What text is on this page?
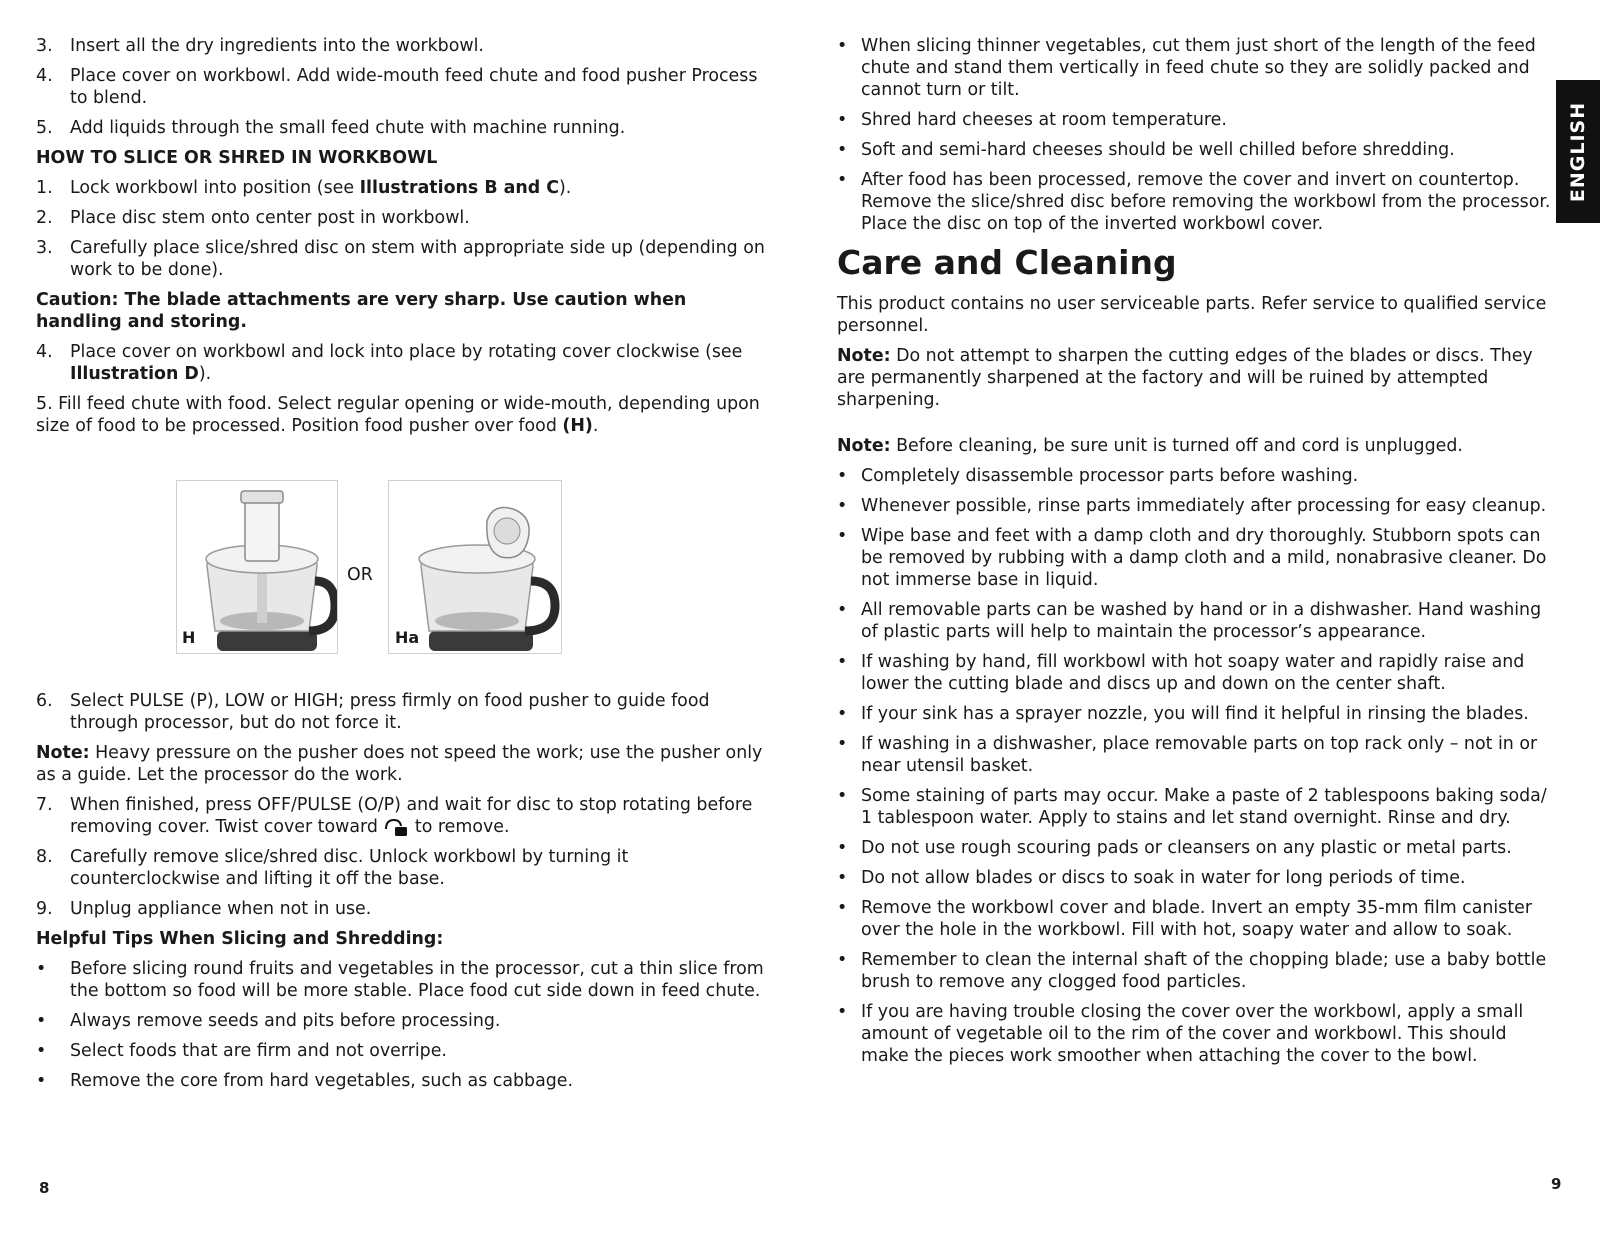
3.	Insert all the dry ingredients into the workbowl.
4.	Place cover on workbowl. Add wide-mouth feed chute and food pusher Process to blend.
5.	Add liquids through the small feed chute with machine running.
HOW TO SLICE OR SHRED IN WORKBOWL
1.	Lock workbowl into position (see Illustrations B and C).
2.	Place disc stem onto center post in workbowl.
3.	Carefully place slice/shred disc on stem with appropriate side up (depending on work to be done).
Caution: The blade attachments are very sharp. Use caution when handling and storing.
4.	Place cover on workbowl and lock into place by rotating cover clockwise (see Illustration D).
5. Fill feed chute with food. Select regular opening or wide-mouth, depending upon size of food to be processed. Position food pusher over food (H).
H
OR
Ha
6.	Select PULSE (P), LOW or HIGH; press firmly on food pusher to guide food through processor, but do not force it.
Note: Heavy pressure on the pusher does not speed the work; use the pusher only as a guide. Let the processor do the work.
7.	When finished, press OFF/PULSE (O/P) and wait for disc to stop rotating before removing cover. Twist cover toward  to remove.
8.	Carefully remove slice/shred disc. Unlock workbowl by turning it counterclockwise and lifting it off the base.
9.	Unplug appliance when not in use.
Helpful Tips When Slicing and Shredding:
•	Before slicing round fruits and vegetables in the processor, cut a thin slice from the bottom so food will be more stable. Place food cut side down in feed chute.
•	Always remove seeds and pits before processing.
•	Select foods that are firm and not overripe.
•	Remove the core from hard vegetables, such as cabbage.
8
• When slicing thinner vegetables, cut them just short of the length of the feed chute and stand them vertically in feed chute so they are solidly packed and cannot turn or tilt.
• Shred hard cheeses at room temperature.
• Soft and semi-hard cheeses should be well chilled before shredding.
• After food has been processed, remove the cover and invert on countertop. Remove the slice/shred disc before removing the workbowl from the processor. Place the disc on top of the inverted workbowl cover.
Care and Cleaning
This product contains no user serviceable parts. Refer service to qualified service personnel.
Note: Do not attempt to sharpen the cutting edges of the blades or discs. They are permanently sharpened at the factory and will be ruined by attempted sharpening.
Note: Before cleaning, be sure unit is turned off and cord is unplugged.
• Completely disassemble processor parts before washing.
• Whenever possible, rinse parts immediately after processing for easy cleanup.
• Wipe base and feet with a damp cloth and dry thoroughly. Stubborn spots can be removed by rubbing with a damp cloth and a mild, nonabrasive cleaner. Do not immerse base in liquid.
• All removable parts can be washed by hand or in a dishwasher. Hand washing of plastic parts will help to maintain the processor’s appearance.
• If washing by hand, fill workbowl with hot soapy water and rapidly raise and lower the cutting blade and discs up and down on the center shaft.
• If your sink has a sprayer nozzle, you will find it helpful in rinsing the blades.
• If washing in a dishwasher, place removable parts on top rack only – not in or near utensil basket.
• Some staining of parts may occur. Make a paste of 2 tablespoons baking soda/ 1 tablespoon water. Apply to stains and let stand overnight. Rinse and dry.
• Do not use rough scouring pads or cleansers on any plastic or metal parts.
• Do not allow blades or discs to soak in water for long periods of time.
• Remove the workbowl cover and blade. Invert an empty 35-mm film canister over the hole in the workbowl. Fill with hot, soapy water and allow to soak.
• Remember to clean the internal shaft of the chopping blade; use a baby bottle brush to remove any clogged food particles.
• If you are having trouble closing the cover over the workbowl, apply a small amount of vegetable oil to the rim of the cover and workbowl. This should make the pieces work smoother when attaching the cover to the bowl.
9
ENGLISH
